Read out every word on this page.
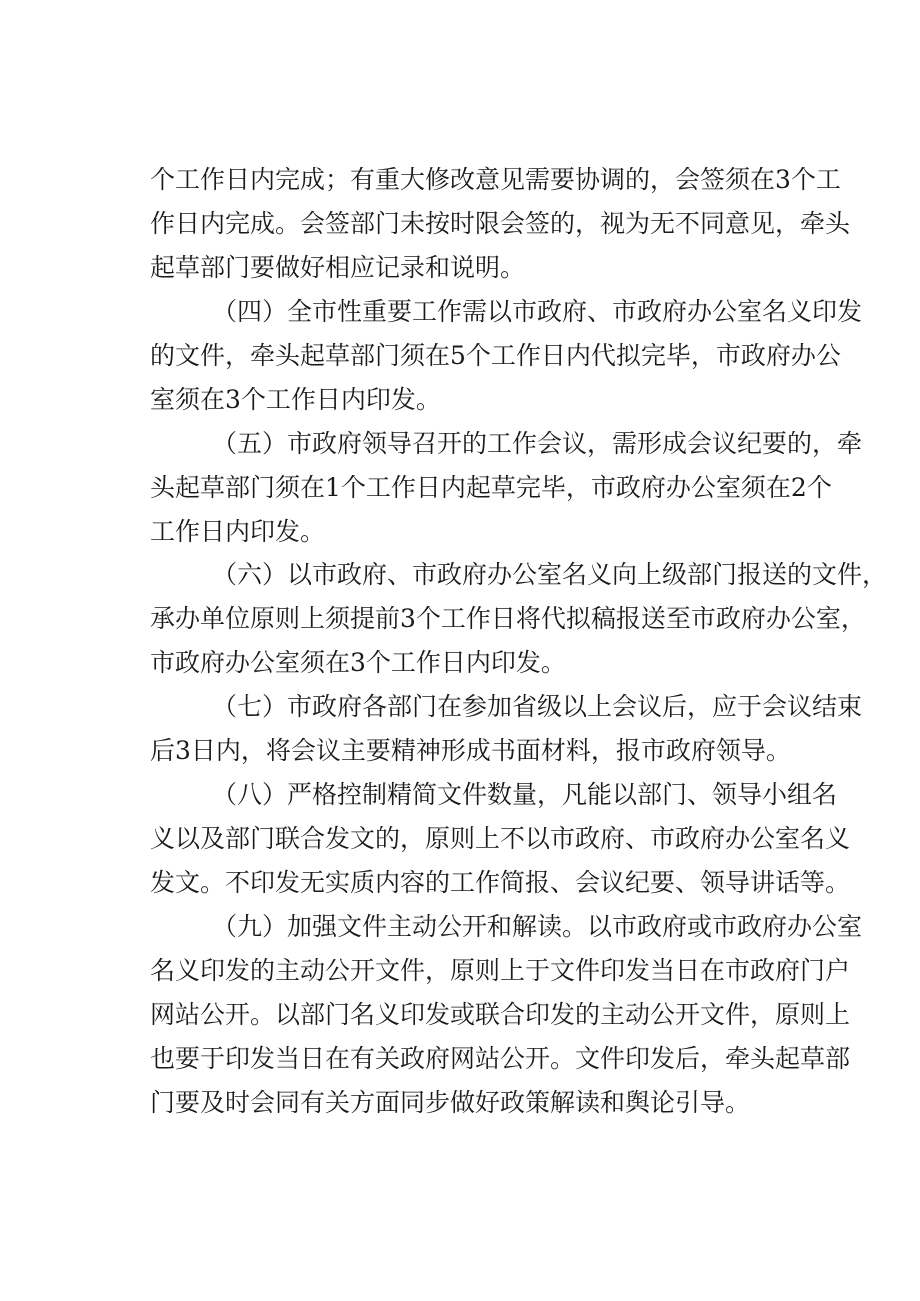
个工作日内完成；有重大修改意见需要协调的，会签须在3个工
作日内完成。会签部门未按时限会签的，视为无不同意见，牵头
起草部门要做好相应记录和说明。
（四）全市性重要工作需以市政府、市政府办公室名义印发
的文件，牵头起草部门须在5个工作日内代拟完毕，市政府办公
室须在3个工作日内印发。
（五）市政府领导召开的工作会议，需形成会议纪要的，牵
头起草部门须在1个工作日内起草完毕，市政府办公室须在2个
工作日内印发。
（六）以市政府、市政府办公室名义向上级部门报送的文件，
承办单位原则上须提前3个工作日将代拟稿报送至市政府办公室，
市政府办公室须在3个工作日内印发。
（七）市政府各部门在参加省级以上会议后，应于会议结束
后3日内，将会议主要精神形成书面材料，报市政府领导。
（八）严格控制精简文件数量，凡能以部门、领导小组名
义以及部门联合发文的，原则上不以市政府、市政府办公室名义
发文。不印发无实质内容的工作简报、会议纪要、领导讲话等。
（九）加强文件主动公开和解读。以市政府或市政府办公室
名义印发的主动公开文件，原则上于文件印发当日在市政府门户
网站公开。以部门名义印发或联合印发的主动公开文件，原则上
也要于印发当日在有关政府网站公开。文件印发后，牵头起草部
门要及时会同有关方面同步做好政策解读和舆论引导。
